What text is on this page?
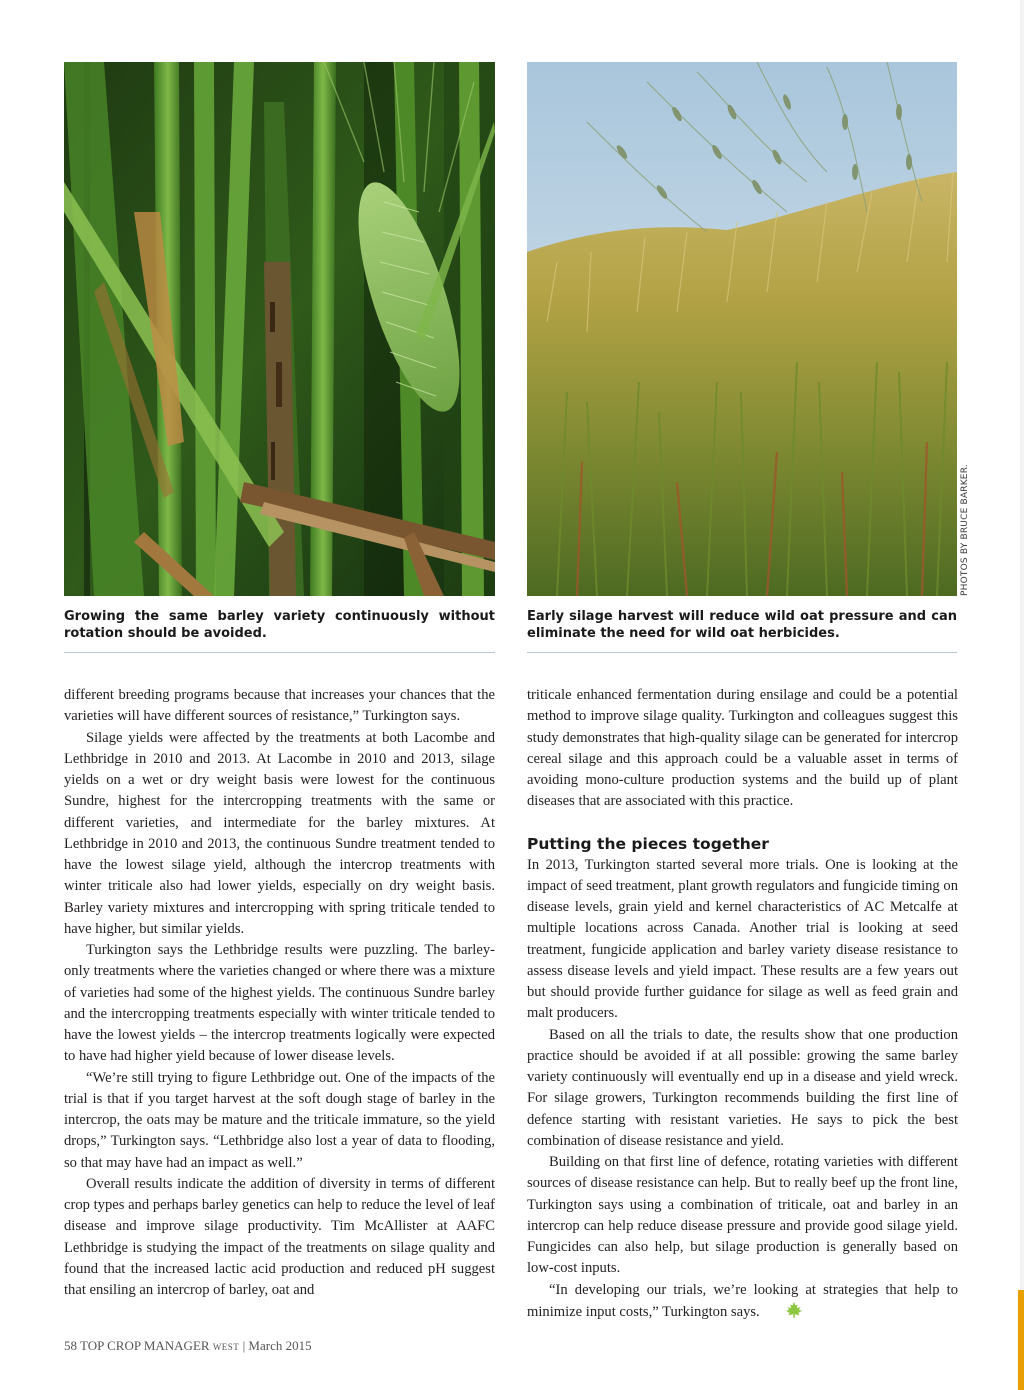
PHOTOS BY BRUCE BARKER.
Growing the same barley variety continuously without rotation should be avoided.
Early silage harvest will reduce wild oat pressure and can eliminate the need for wild oat herbicides.

different breeding programs because that increases your chances that the varieties will have different sources of resistance,” Turkington says.

Silage yields were affected by the treatments at both Lacombe and Lethbridge in 2010 and 2013. At Lacombe in 2010 and 2013, silage yields on a wet or dry weight basis were lowest for the continuous Sundre, highest for the intercropping treatments with the same or different varieties, and intermediate for the barley mixtures. At Lethbridge in 2010 and 2013, the continuous Sundre treatment tended to have the lowest silage yield, although the intercrop treatments with winter triticale also had lower yields, especially on dry weight basis. Barley variety mixtures and intercropping with spring triticale tended to have higher, but similar yields.

Turkington says the Lethbridge results were puzzling. The barley-only treatments where the varieties changed or where there was a mixture of varieties had some of the highest yields. The continuous Sundre barley and the intercropping treatments especially with winter triticale tended to have the lowest yields – the intercrop treatments logically were expected to have had higher yield because of lower disease levels.

“We’re still trying to figure Lethbridge out. One of the impacts of the trial is that if you target harvest at the soft dough stage of barley in the intercrop, the oats may be mature and the triticale immature, so the yield drops,” Turkington says. “Lethbridge also lost a year of data to flooding, so that may have had an impact as well.”

Overall results indicate the addition of diversity in terms of different crop types and perhaps barley genetics can help to reduce the level of leaf disease and improve silage productivity. Tim McAllister at AAFC Lethbridge is studying the impact of the treatments on silage quality and found that the increased lactic acid production and reduced pH suggest that ensiling an intercrop of barley, oat and

triticale enhanced fermentation during ensilage and could be a potential method to improve silage quality. Turkington and colleagues suggest this study demonstrates that high-quality silage can be generated for intercrop cereal silage and this approach could be a valuable asset in terms of avoiding mono-culture production systems and the build up of plant diseases that are associated with this practice.

Putting the pieces together

In 2013, Turkington started several more trials. One is looking at the impact of seed treatment, plant growth regulators and fungicide timing on disease levels, grain yield and kernel characteristics of AC Metcalfe at multiple locations across Canada. Another trial is looking at seed treatment, fungicide application and barley variety disease resistance to assess disease levels and yield impact. These results are a few years out but should provide further guidance for silage as well as feed grain and malt producers.

Based on all the trials to date, the results show that one production practice should be avoided if at all possible: growing the same barley variety continuously will eventually end up in a disease and yield wreck. For silage growers, Turkington recommends building the first line of defence starting with resistant varieties. He says to pick the best combination of disease resistance and yield.

Building on that first line of defence, rotating varieties with different sources of disease resistance can help. But to really beef up the front line, Turkington says using a combination of triticale, oat and barley in an intercrop can help reduce disease pressure and provide good silage yield. Fungicides can also help, but silage production is generally based on low-cost inputs.

“In developing our trials, we’re looking at strategies that help to minimize input costs,” Turkington says.

58 TOP CROP MANAGER WEST | March 2015
